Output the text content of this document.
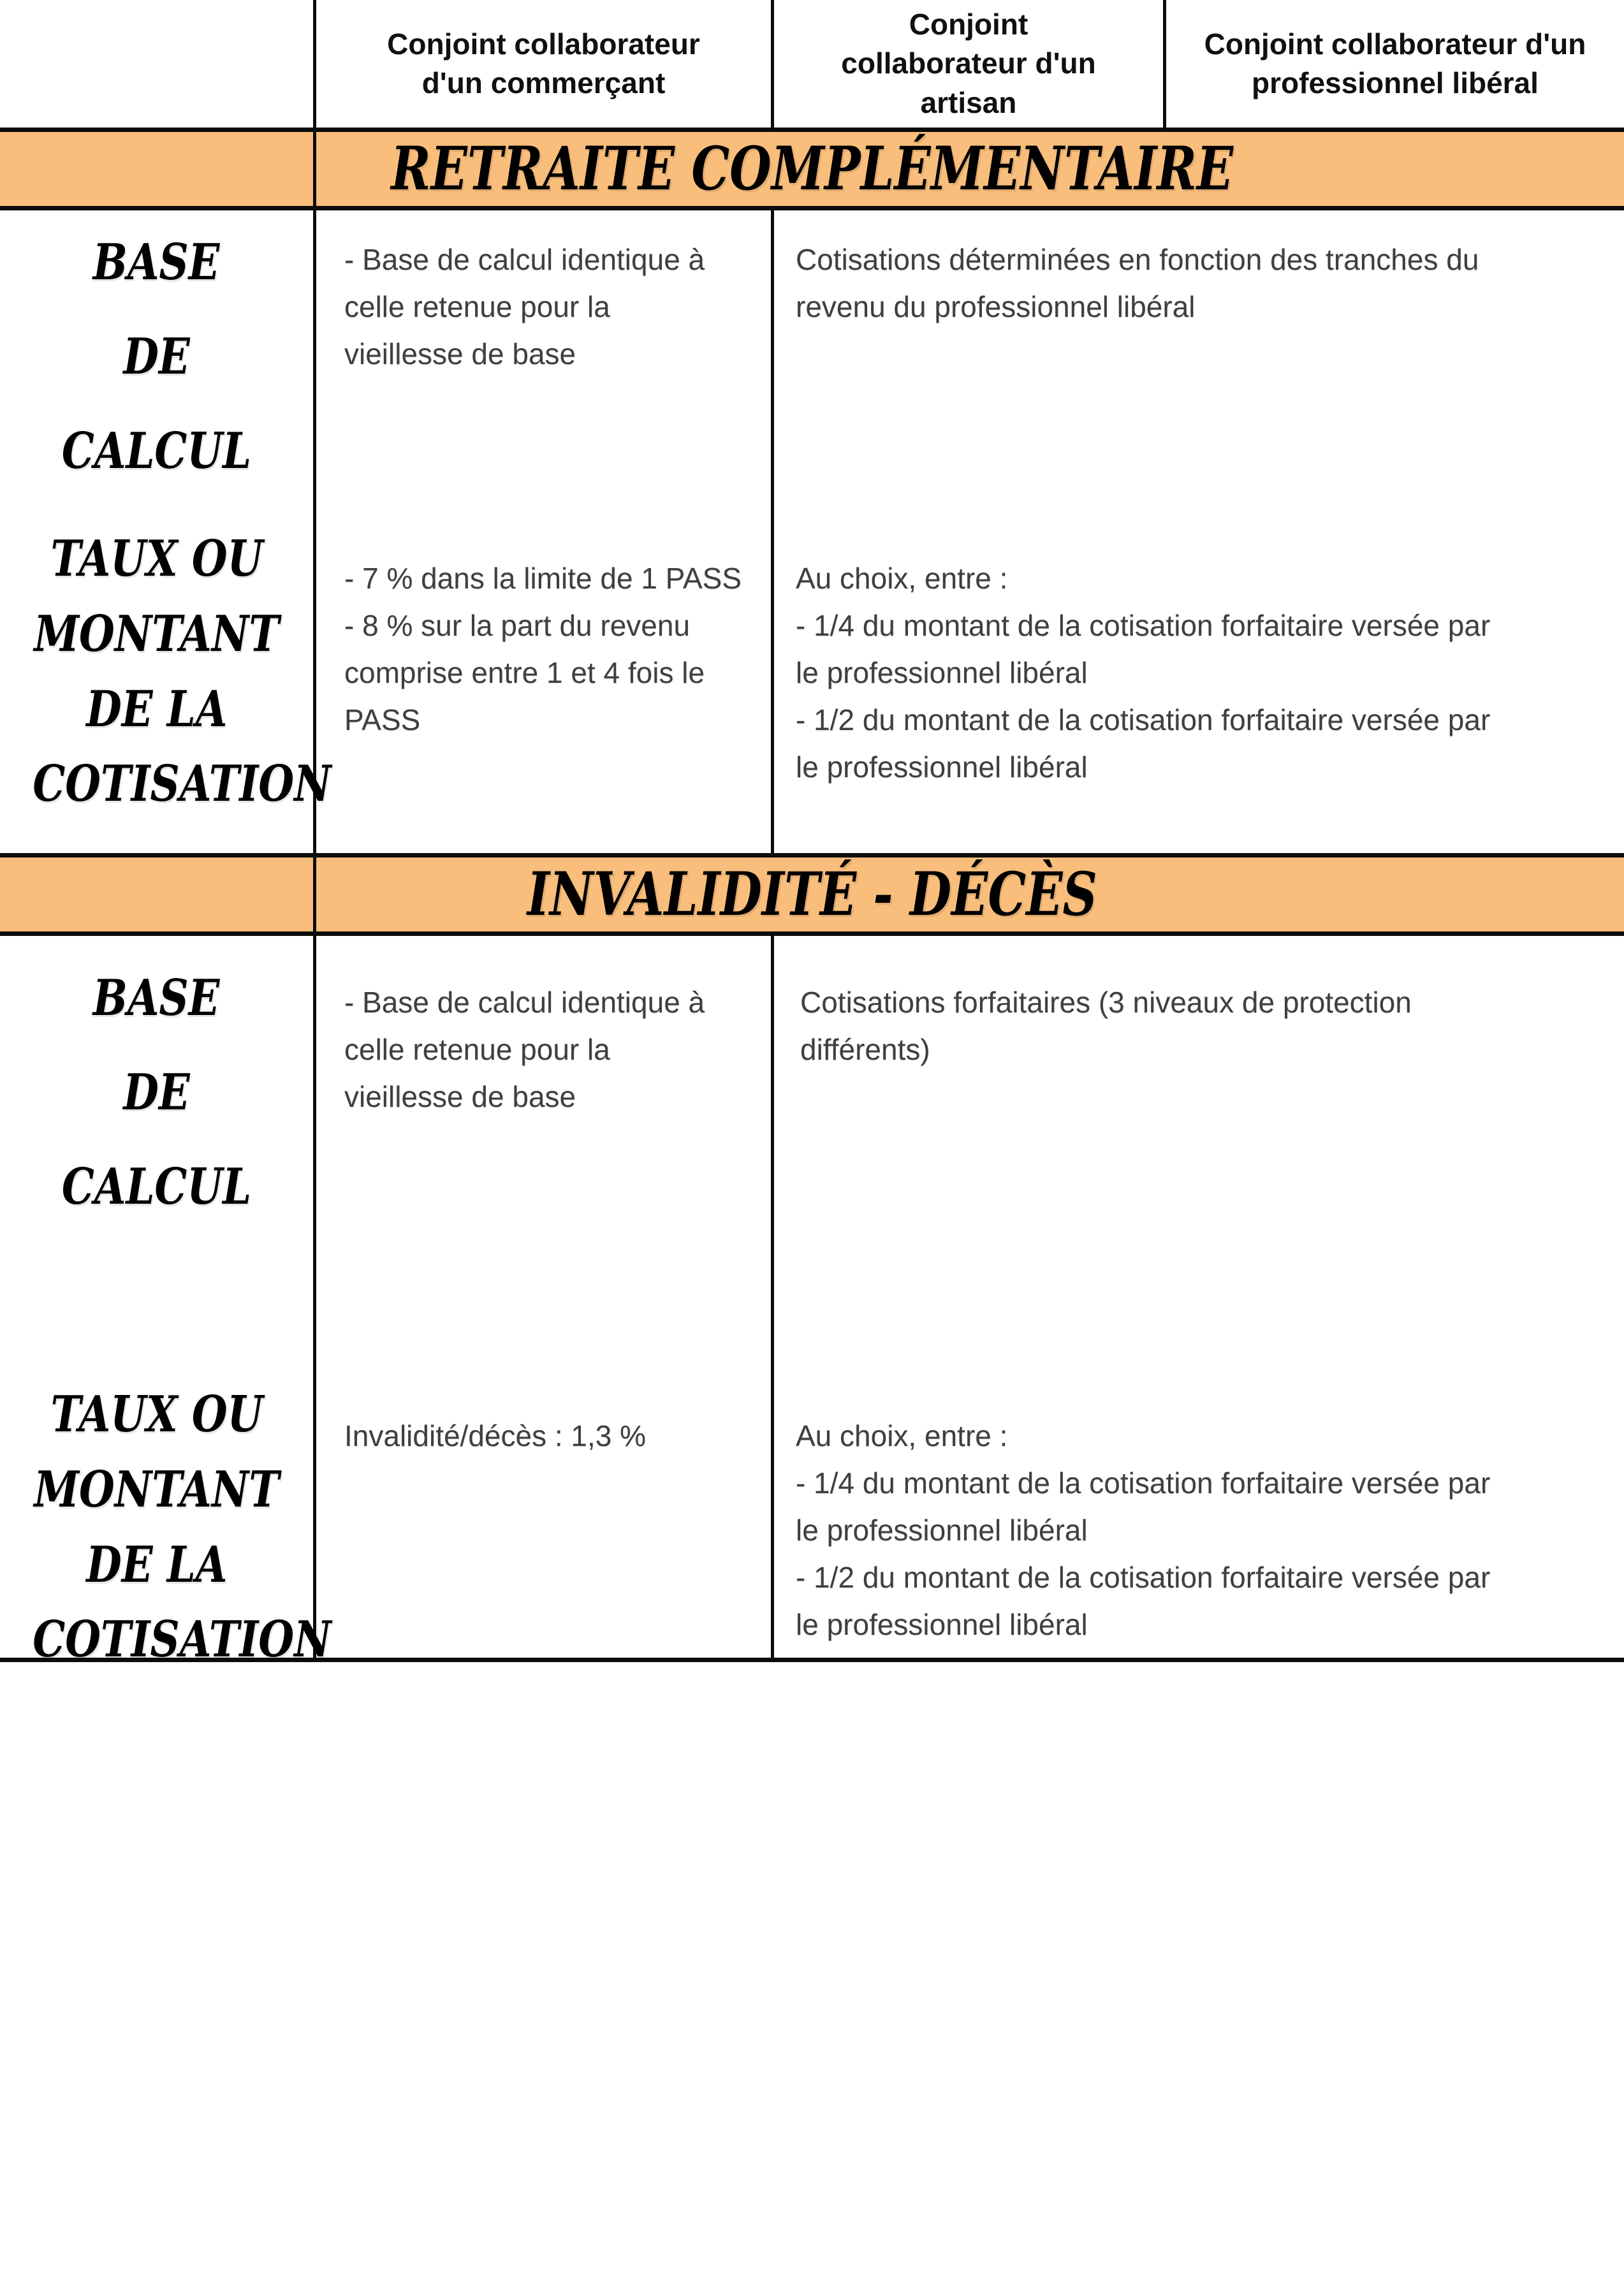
Conjoint collaborateur
d'un commerçant
Conjoint
collaborateur d'un
artisan
Conjoint collaborateur d'un
professionnel libéral
RETRAITE COMPLÉMENTAIRE
BASE
DE CALCUL
- Base de calcul identique à
celle retenue pour la
vieillesse de base
Cotisations déterminées en fonction des tranches du
revenu du professionnel libéral
TAUX OU
MONTANT
DE LA
COTISATION
- 7 % dans la limite de 1 PASS
- 8 % sur la part du revenu
comprise entre 1 et 4 fois le
PASS
Au choix, entre :
- 1/4 du montant de la cotisation forfaitaire versée par
le professionnel libéral
- 1/2 du montant de la cotisation forfaitaire versée par
le professionnel libéral
INVALIDITÉ - DÉCÈS
BASE
DE CALCUL
- Base de calcul identique à
celle retenue pour la
vieillesse de base
Cotisations forfaitaires (3 niveaux de protection
différents)
TAUX OU
MONTANT
DE LA
COTISATION
Invalidité/décès : 1,3 %	Au choix, entre :
- 1/4 du montant de la cotisation forfaitaire versée par
le professionnel libéral
- 1/2 du montant de la cotisation forfaitaire versée par
le professionnel libéral
